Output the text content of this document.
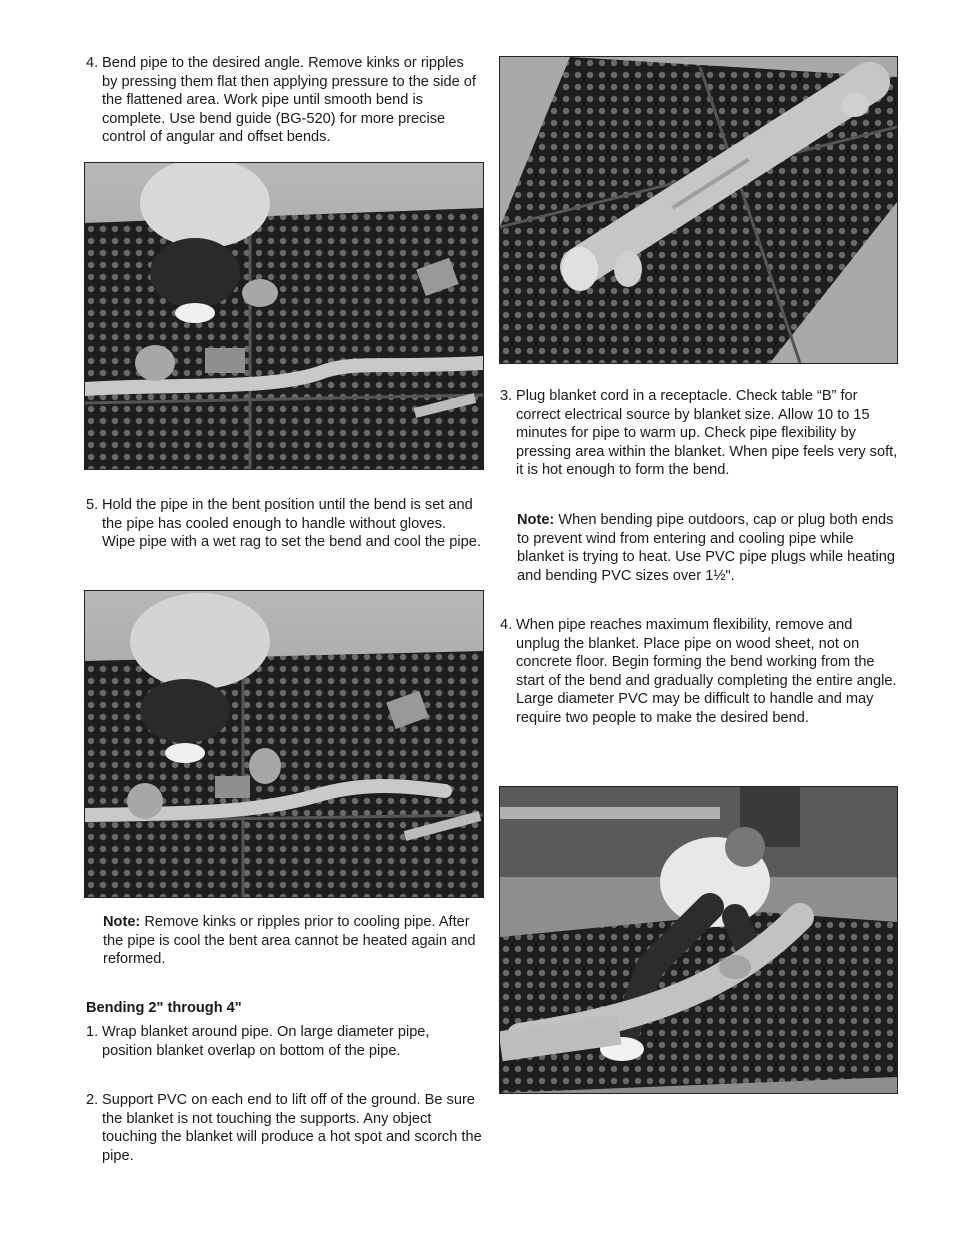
4. Bend pipe to the desired angle. Remove kinks or ripples by pressing them flat then applying pressure to the side of the flattened area. Work pipe until smooth bend is complete. Use bend guide (BG-520) for more precise control of angular and offset bends.
5. Hold the pipe in the bent position until the bend is set and the pipe has cooled enough to handle without gloves. Wipe pipe with a wet rag to set the bend and cool the pipe.
Note: Remove kinks or ripples prior to cooling pipe. After the pipe is cool the bent area cannot be heated again and reformed.
Bending 2" through 4"
1. Wrap blanket around pipe. On large diameter pipe, position blanket overlap on bottom of the pipe.
2. Support PVC on each end to lift off of the ground. Be sure the blanket is not touching the supports. Any object touching the blanket will produce a hot spot and scorch the pipe.
3. Plug blanket cord in a receptacle. Check table “B” for correct electrical source by blanket size. Allow 10 to 15 minutes for pipe to warm up. Check pipe flexibility by pressing area within the blanket. When pipe feels very soft, it is hot enough to form the bend.
Note: When bending pipe outdoors, cap or plug both ends to prevent wind from entering and cooling pipe while blanket is trying to heat. Use PVC pipe plugs while heating and bending PVC sizes over 1½".
4. When pipe reaches maximum flexibility, remove and unplug the blanket. Place pipe on wood sheet, not on concrete floor. Begin forming the bend working from the start of the bend and gradually completing the entire angle. Large diameter PVC may be difficult to handle and may require two people to make the desired bend.
